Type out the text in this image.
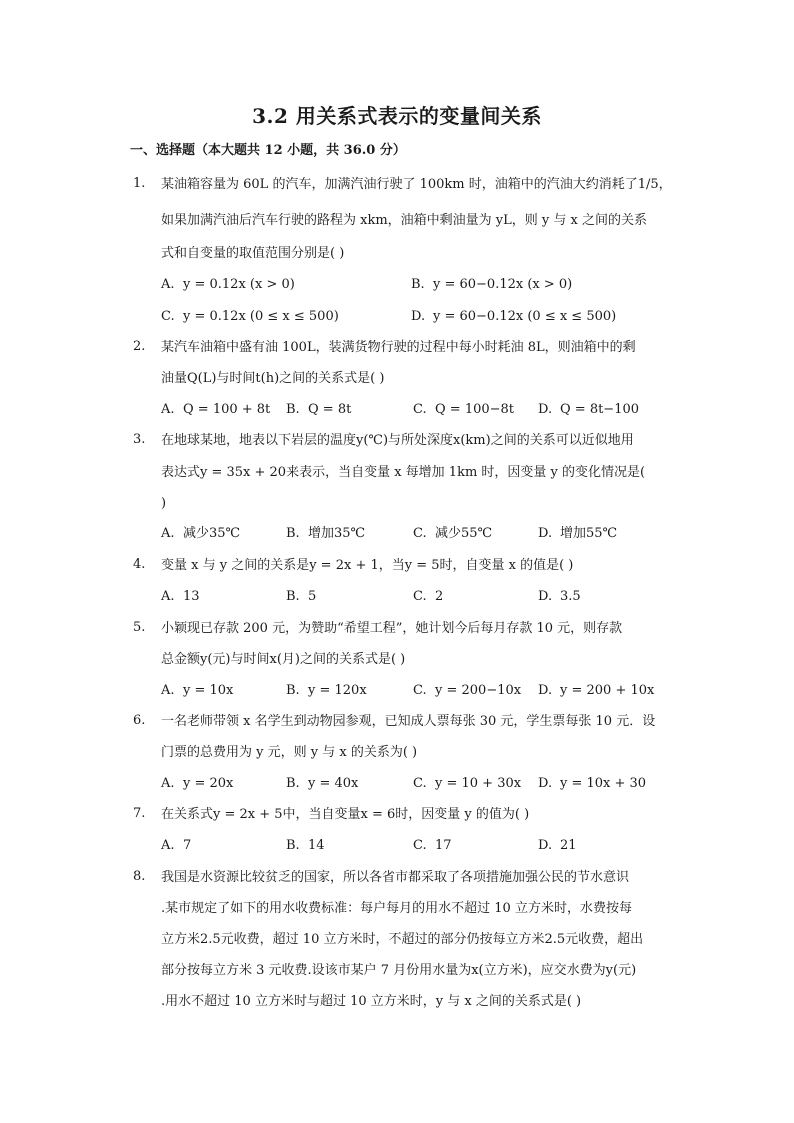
3.2 用关系式表示的变量间关系
一、选择题（本大题共 12 小题，共 36.0 分）
1.	某油箱容量为 60L 的汽车，加满汽油行驶了 100km 时，油箱中的汽油大约消耗了1/5，
如果加满汽油后汽车行驶的路程为 xkm，油箱中剩油量为 yL，则 y 与 x 之间的关系
式和自变量的取值范围分别是( )
A. y = 0.12x (x > 0)	B. y = 60−0.12x (x > 0)
C. y = 0.12x (0 ≤ x ≤ 500)	D. y = 60−0.12x (0 ≤ x ≤ 500)
2.	某汽车油箱中盛有油 100L，装满货物行驶的过程中每小时耗油 8L，则油箱中的剩
油量Q(L)与时间t(h)之间的关系式是( )
A. Q = 100 + 8t B. Q = 8t	C. Q = 100−8t D. Q = 8t−100
3.	在地球某地，地表以下岩层的温度y(℃)与所处深度x(km)之间的关系可以近似地用
表达式y = 35x + 20来表示，当自变量 x 每增加 1km 时，因变量 y 的变化情况是(
)
A. 减少35℃	B. 增加35℃	C. 减少55℃	D. 增加55℃
4.	变量 x 与 y 之间的关系是y = 2x + 1，当y = 5时，自变量 x 的值是( )
A. 13	B. 5	C. 2	D. 3.5
5.	小颖现已存款 200 元，为赞助“希望工程”，她计划今后每月存款 10 元，则存款
总金额y(元)与时间x(月)之间的关系式是( )
A. y = 10x	B. y = 120x	C. y = 200−10x D. y = 200 + 10x
6.	一名老师带领 x 名学生到动物园参观，已知成人票每张 30 元，学生票每张 10 元．设
门票的总费用为 y 元，则 y 与 x 的关系为( )
A. y = 20x	B. y = 40x	C. y = 10 + 30x D. y = 10x + 30
7.	在关系式y = 2x + 5中，当自变量x = 6时，因变量 y 的值为( )
A. 7	B. 14	C. 17	D. 21
8.	我国是水资源比较贫乏的国家，所以各省市都采取了各项措施加强公民的节水意识
.某市规定了如下的用水收费标准：每户每月的用水不超过 10 立方米时，水费按每
立方米2.5元收费，超过 10 立方米时，不超过的部分仍按每立方米2.5元收费，超出
部分按每立方米 3 元收费.设该市某户 7 月份用水量为x(立方米)，应交水费为y(元)
.用水不超过 10 立方米时与超过 10 立方米时，y 与 x 之间的关系式是( )
